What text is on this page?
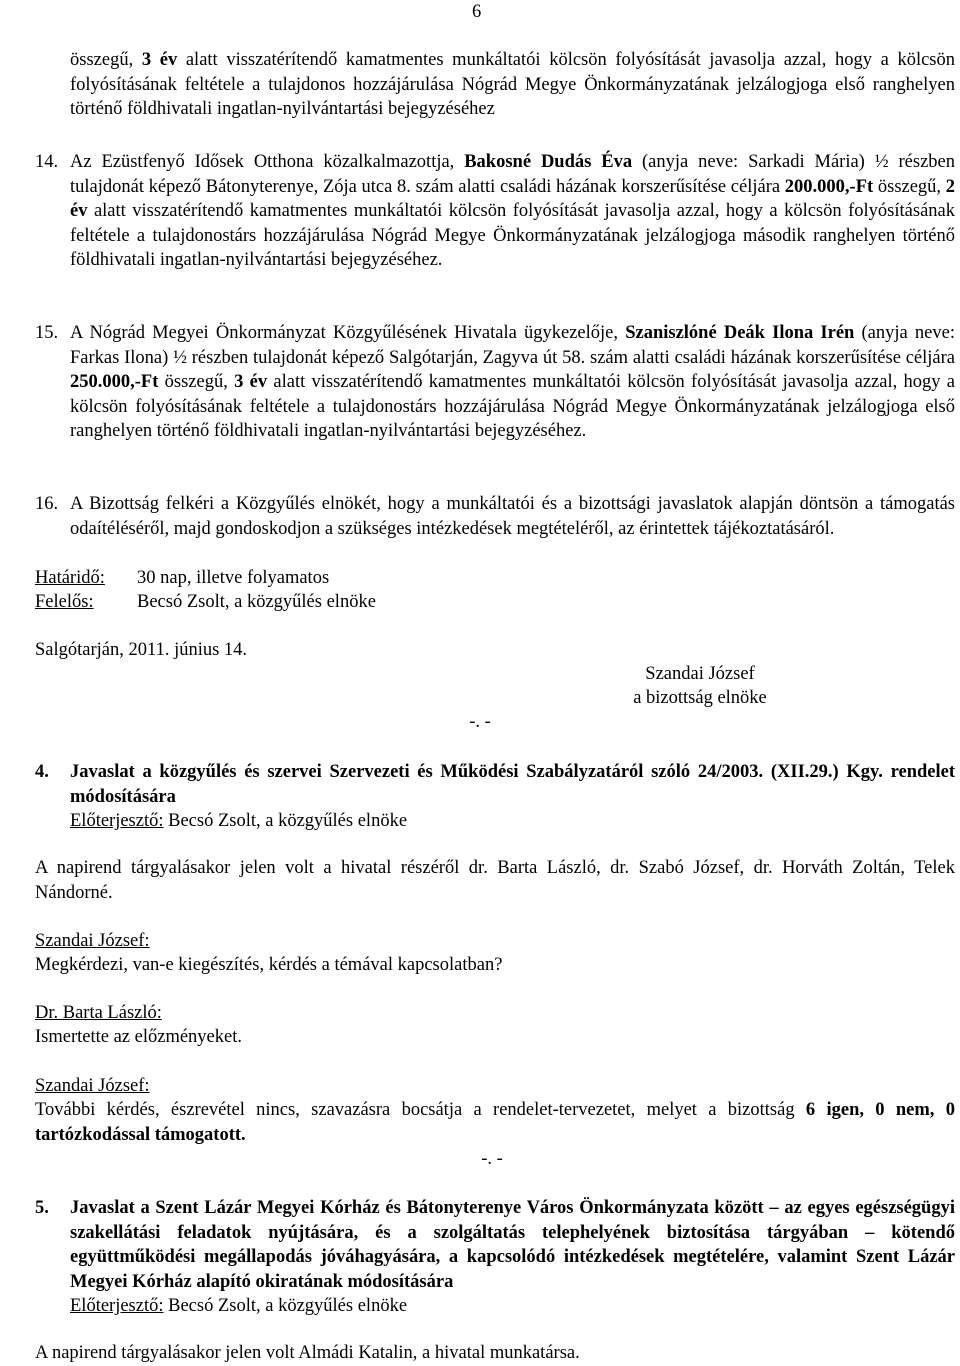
6

összegű, 3 év alatt visszatérítendő kamatmentes munkáltatói kölcsön folyósítását javasolja azzal, hogy a kölcsön folyósításának feltétele a tulajdonos hozzájárulása Nógrád Megye Önkormányzatának jelzálogjoga első ranghelyen történő földhivatali ingatlan-nyilvántartási bejegyzéséhez

14. Az Ezüstfenyő Idősek Otthona közalkalmazottja, Bakosné Dudás Éva (anyja neve: Sarkadi Mária) ½ részben tulajdonát képező Bátonyterenye, Zója utca 8. szám alatti családi házának korszerűsítése céljára 200.000,-Ft összegű, 2 év alatt visszatérítendő kamatmentes munkáltatói kölcsön folyósítását javasolja azzal, hogy a kölcsön folyósításának feltétele a tulajdonostárs hozzájárulása Nógrád Megye Önkormányzatának jelzálogjoga második ranghelyen történő földhivatali ingatlan-nyilvántartási bejegyzéséhez.
15. A Nógrád Megyei Önkormányzat Közgyűlésének Hivatala ügykezelője, Szaniszlóné Deák Ilona Irén (anyja neve: Farkas Ilona) ½ részben tulajdonát képező Salgótarján, Zagyva út 58. szám alatti családi házának korszerűsítése céljára 250.000,-Ft összegű, 3 év alatt visszatérítendő kamatmentes munkáltatói kölcsön folyósítását javasolja azzal, hogy a kölcsön folyósításának feltétele a tulajdonostárs hozzájárulása Nógrád Megye Önkormányzatának jelzálogjoga első ranghelyen történő földhivatali ingatlan-nyilvántartási bejegyzéséhez.
16. A Bizottság felkéri a Közgyűlés elnökét, hogy a munkáltatói és a bizottsági javaslatok alapján döntsön a támogatás odaítéléséről, majd gondoskodjon a szükséges intézkedések megtételéről, az érintettek tájékoztatásáról.
Határidő: 30 nap, illetve folyamatos
Felelős: Becsó Zsolt, a közgyűlés elnöke
Salgótarján, 2011. június 14.
Szandai József
a bizottság elnöke
-. -
4. Javaslat a közgyűlés és szervei Szervezeti és Működési Szabályzatáról szóló 24/2003. (XII.29.) Kgy. rendelet módosítására
Előterjesztő: Becsó Zsolt, a közgyűlés elnöke
A napirend tárgyalásakor jelen volt a hivatal részéről dr. Barta László, dr. Szabó József, dr. Horváth Zoltán, Telek Nándorné.
Szandai József:
Megkérdezi, van-e kiegészítés, kérdés a témával kapcsolatban?
Dr. Barta László:
Ismertette az előzményeket.
Szandai József:
További kérdés, észrevétel nincs, szavazásra bocsátja a rendelet-tervezetet, melyet a bizottság 6 igen, 0 nem, 0 tartózkodással támogatott.
-. -
5. Javaslat a Szent Lázár Megyei Kórház és Bátonyterenye Város Önkormányzata között – az egyes egészségügyi szakellátási feladatok nyújtására, és a szolgáltatás telephelyének biztosítása tárgyában – kötendő együttműködési megállapodás jóváhagyására, a kapcsolódó intézkedések megtételére, valamint Szent Lázár Megyei Kórház alapító okiratának módosítására
Előterjesztő: Becsó Zsolt, a közgyűlés elnöke
A napirend tárgyalásakor jelen volt Almádi Katalin, a hivatal munkatársa.
